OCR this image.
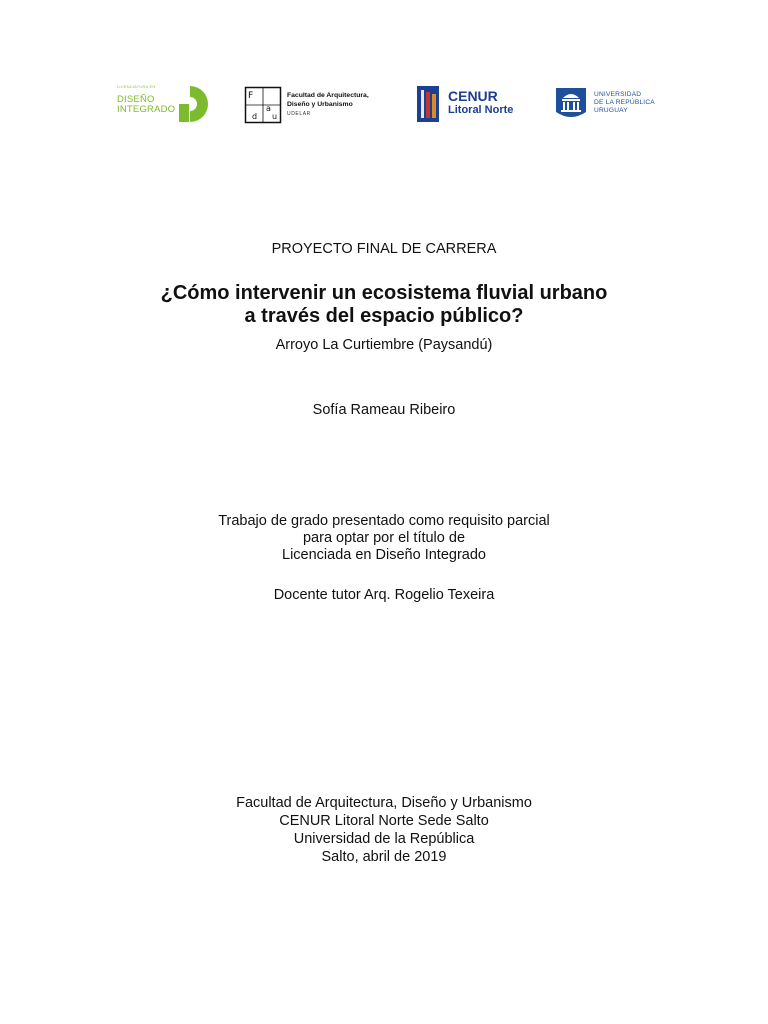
LICENCIATURA EN
DISEÑO
INTEGRADO
F
a
d u
Facultad de Arquitectura,
Diseño y Urbanismo
UDELAR
CENUR
Litoral Norte
UNIVERSIDAD
DE LA REPÚBLICA
URUGUAY
PROYECTO FINAL DE CARRERA
¿Cómo intervenir un ecosistema fluvial urbano
a través del espacio público?
Arroyo La Curtiembre (Paysandú)
Sofía Rameau Ribeiro
Trabajo de grado presentado como requisito parcial
para optar por el título de
Licenciada en Diseño Integrado
Docente tutor Arq. Rogelio Texeira
Facultad de Arquitectura, Diseño y Urbanismo
CENUR Litoral Norte Sede Salto
Universidad de la República
Salto, abril de 2019
